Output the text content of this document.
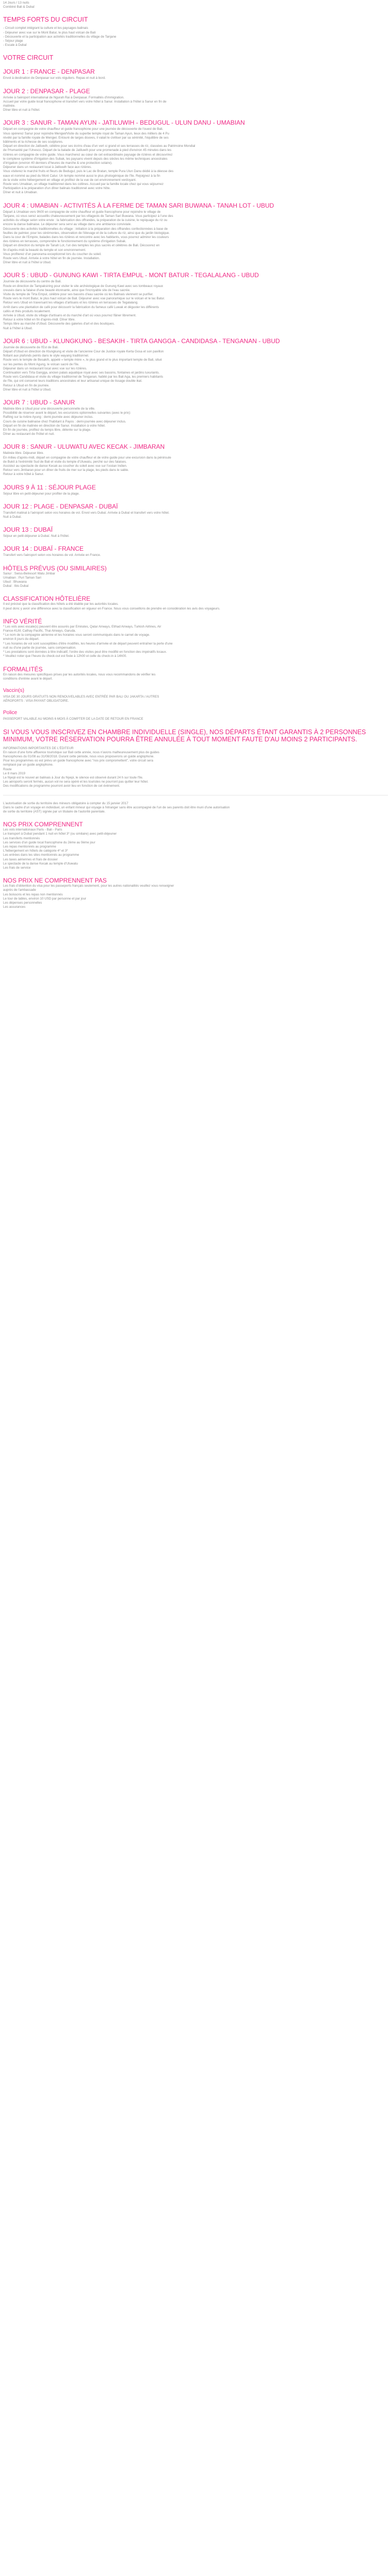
14 Jours / 13 nuits

Combiné Bali & Dubaï

TEMPS FORTS DU CIRCUIT

- Circuit complet intégrant la culture et les paysages balinais

- Déjeuner avec vue sur le Mont Batur, le plus haut volcan de Bali

- Découverte et la participation aux activités traditionnelles du village de Tanjane

- Séjour plage

- Escale à Dubaï

VOTRE CIRCUIT
JOUR 1 : FRANCE - DENPASAR

Envol à destination de Denpasar sur vols réguliers. Repas et nuit à bord.

JOUR 2 : DENPASAR - PLAGE

Arrivée à l'aéroport international de Ngurah Rai à Denpasar. Formalités d'immigration.

Accueil par votre guide local francophone et transfert vers votre hôtel à Sanur. Installation à l'hôtel à Sanur en fin de

matinée.

Dîner libre et nuit à l'hôtel.

JOUR 3 : SANUR - TAMAN AYUN - JATILUWIH - BEDUGUL - ULUN DANU - UMABIAN

Départ en compagnie de votre chauffeur et guide francophone pour une journée de découverte de l'ouest de Bali.

Vous opérerez Sanur pour rejoindre Mengwi/Visite du superbe temple royal de Taman Ayun, lieux des milliers de 4 Pu

révélé par la famille royale de Mengwi. Entouré de larges douves, il valait le civiliser par sa sérénité, l'équilibre de ses

bâtiments et la richesse de ses sculptures.

Départ en direction de Jatiluwih, célèbre pour ses écrins d'eau d'un vert si grand et ses terrasses de riz, classées au Patrimoine Mondial

de l'Humanité par l'Unesco. Départ de la balade de Jatiluwih pour une promenade à pied d'environ 45 minutes dans les

rizières en compagnie de votre guide. Vous marcherez au cœur de cet extraordinaire paysage de rizières et découvrirez

le complexe système d'irrigation des Subak, les paysans vivent depuis des siècles les même techniques ancestrales

d'irrigation (environ 40 derniers d'heures de marche & une protection solaire).

Déjeuner dans un restaurant local à Jatiluwih face aux rizières.

Vous visiterez le marché fruits et fleurs de Bedugul, puis le Lac de Bratan, temple Pura Ulun Danu dédié à la déesse des

eaux et nommé au pied du Mont Catur. Un temple nommé aussi le plus photogénique de l'île. Rejoignez à la fin

de la visite votre hébergement en village et profitez de la vue de cet environnement verdoyant.

Route vers Umabian, un village traditionnel dans les collines. Accueil par la famille locale chez qui vous séjournez

Participation à la préparation d'un dîner balinais traditionnel avec votre hôte.

Dîner et nuit à Umabian.

JOUR 4 : UMABIAN - ACTIVITÉS À LA FERME DE TAMAN SARI BUWANA - TANAH LOT - UBUD

Départ à Umabian vers 9h00 en compagnie de votre chauffeur et guide francophone pour rejoindre le village de

Tanjane, où vous serez accueillis chaleureusement par les villageois de Taman Sari Buwana. Vous participez à l'une des

activités du village selon votre envie : la fabrication des offrandes, la préparation de la cuisine, le repiquage du riz ou

encore la danse balinaise. Le déjeuner sera servi au village dans une ambiance conviviale.

Découverte des activités traditionnelles du village : initiation à la préparation des offrandes confectionnées à base de

feuilles de palmier, pour les cérémonies, observation de l'élevage et de la culture du riz, ainsi que du jardin biologique.

Dans la cour de l'Empire, balades dans les rizières et rencontre avec les habitants, vous pourrez admirer les couleurs

des rizières en terrasses, comprendre le fonctionnement du système d'irrigation Subak.

Départ en direction du temple de Tanah Lot, l'un des temples les plus sacrés et célèbres de Bali. Découvrez en

fin d'après-midi la beauté du temple et son environnement.

Vous profiterez d'un panorama exceptionnel lors du coucher du soleil.

Route vers Ubud. Arrivée à votre hôtel en fin de journée. Installation.

Dîner libre et nuit à l'hôtel à Ubud.

JOUR 5 : UBUD - GUNUNG KAWI - TIRTA EMPUL - MONT BATUR - TEGALALANG - UBUD

Journée de découverte du centre de Bali.

Route en direction de Tampaksiring pour visiter le site archéologique de Gunung Kawi avec ses tombeaux royaux

creusés dans la falaise d'une beauté étonnante, ainsi que l'incroyable site de l'eau sacrée.

Visite du temple de Tirta Empul, célèbre pour ses bassins d'eau sacrée où les Balinais viennent se purifier.

Route vers le mont Batur, le plus haut volcan de Bali. Déjeuner avec vue panoramique sur le volcan et le lac Batur.

Retour vers Ubud en traversant les villages d'artisans et les rizières en terrasses de Tegalalang.

Arrêt dans une plantation de café pour découvrir la fabrication du fameux café Luwak et déguster les différents

cafés et thés produits localement.

Arrivée à Ubud, visite du village d'artisans et du marché d'art où vous pourrez flâner librement.

Retour à votre hôtel en fin d'après-midi. Dîner libre.

Temps libre au marché d'Ubud. Découverte des galeries d'art et des boutiques.

Nuit à l'hôtel à Ubud.

JOUR 6 : UBUD - KLUNGKUNG - BESAKIH - TIRTA GANGGA - CANDIDASA - TENGANAN - UBUD

Journée de découverte de l'Est de Bali.

Départ d'Ubud en direction de Klungkung et visite de l'ancienne Cour de Justice royale Kerta Gosa et son pavillon

flottant aux plafonds peints dans le style wayang traditionnel.

Route vers le temple de Besakih, appelé « temple mère », le plus grand et le plus important temple de Bali, situé

sur les pentes du Mont Agung, le volcan sacré de l'île.

Déjeuner dans un restaurant local avec vue sur les rizières.

Continuation vers Tirta Gangga, ancien palais aquatique royal avec ses bassins, fontaines et jardins luxuriants.

Route vers Candidasa et visite du village traditionnel de Tenganan, habité par les Bali Aga, les premiers habitants

de l'île, qui ont conservé leurs traditions ancestrales et leur artisanat unique de tissage double ikat.

Retour à Ubud en fin de journée.

Dîner libre et nuit à l'hôtel à Ubud.

JOUR 7 : UBUD - SANUR

Matinée libre à Ubud pour une découverte personnelle de la ville.

Possibilité de réserver avant le départ, les excursions optionnelles suivantes (avec le prix):

Rafting sur la rivière Ayung : demi-journée avec déjeuner inclus.

Cours de cuisine balinaise chez l'habitant à Payos : demi-journée avec déjeuner inclus.

Départ en fin de matinée en direction de Sanur. Installation à votre hôtel.

En fin de journée, profitez du temps libre, détente sur la plage.

Dîner au restaurant de l'hôtel et nuit.

JOUR 8 : SANUR - ULUWATU AVEC KECAK - JIMBARAN

Matinée libre. Déjeuner libre.

En milieu d'après-midi, départ en compagnie de votre chauffeur et de votre guide pour une excursion dans la péninsule

de Bukit à l'extrémité Sud de Bali et visite du temple d'Uluwatu, perché sur des falaises.

Assistez au spectacle de danse Kecak au coucher du soleil avec vue sur l'océan Indien.

Retour vers Jimbaran pour un dîner de fruits de mer sur la plage, les pieds dans le sable.

Retour à votre hôtel à Sanur.

JOURS 9 À 11 : SÉJOUR PLAGE

Séjour libre en petit-déjeuner pour profiter de la plage.

JOUR 12 : PLAGE - DENPASAR - DUBAÏ

Transfert matinal à l'aéroport selon vos horaires de vol. Envol vers Dubaï. Arrivée à Dubaï et transfert vers votre hôtel.

Nuit à Dubaï.

JOUR 13 : DUBAÏ

Séjour en petit-déjeuner à Dubaï. Nuit à l'hôtel.

JOUR 14 : DUBAÏ - FRANCE

Transfert vers l'aéroport selon vos horaires de vol. Arrivée en France.

HÔTELS PRÉVUS (OU SIMILAIRES)

Sanur : Swiss-Belresort Watu Jimbar

Umabian : Puri Taman Sari

Ubud : Bhuwana

Dubaï : Ibis Dubaï

CLASSIFICATION HÔTELIÈRE

Il est précisé que la classification des hôtels a été établie par les autorités locales.

Il peut donc y avoir une différence avec la classification en vigueur en France. Nous vous conseillons de prendre en considération les avis des voyageurs.

INFO VÉRITÉ

* Les vols avec escale(s) peuvent être assurés par Emirates, Qatar Airways, Etihad Airways, Turkish Airlines, Air

France-KLM, Cathay Pacific, Thai Airways, Garuda.

* Le nom de la compagnie aérienne et les horaires vous seront communiqués dans le carnet de voyage.

environ 8 jours du départ.

* Les horaires de vol sont susceptibles d'être modifiés, les heures d'arrivée et de départ peuvent entraîner la perte d'une

nuit ou d'une partie de journée, sans compensation.

* Les prestations sont données à titre indicatif, l'ordre des visites peut être modifié en fonction des impératifs locaux.

* Veuillez noter que l'heure du check-out est fixée à 12h00 et celle du check-in à 14h00.

FORMALITÉS

En raison des mesures spécifiques prises par les autorités locales, nous vous recommandons de vérifier les

conditions d'entrée avant le départ.

Vaccin(s)

VISA DE 30 JOURS GRATUITS NON RENOUVELABLES AVEC ENTRÉE PAR BALI OU JAKARTA / AUTRES

AÉROPORTS : VISA PAYANT OBLIGATOIRE.

Police

PASSEPORT VALABLE AU MOINS 6 MOIS À COMPTER DE LA DATE DE RETOUR EN FRANCE

SI VOUS VOUS INSCRIVEZ EN CHAMBRE INDIVIDUELLE (SINGLE), NOS DÉPARTS ÉTANT GARANTIS À 2 PERSONNES MINIMUM, VOTRE RÉSERVATION POURRA ÊTRE ANNULÉE À TOUT MOMENT FAUTE D'AU MOINS 2 PARTICIPANTS.

INFORMATIONS IMPORTANTES DE L'ÉDITEUR

En raison d'une forte affluence touristique sur Bali cette année, nous n'avons malheureusement plus de guides

francophones du 01/08 au 31/08/2018. Durant cette période, nous vous proposerons un guide anglophone.

Pour les programmes où est prévu un guide francophone avec "nos prix compromettent", votre circuit sera

remplacé par un guide anglophone.

Route

Le 8 mars 2019

Le Nyepi est le nouvel an balinais à Jour du Nyepi, le silence est observé durant 24 h sur toute l'île.

Les aéroports seront fermés, aucun vol ne sera opéré et les touristes ne pourront pas quitter leur hôtel.

Des modifications de programme pourront avoir lieu en fonction de cet événement.

L'autorisation de sortie du territoire des mineurs obligatoire à compter du 15 janvier 2017

Dans le cadre d'un voyage en individuel, un enfant mineur qui voyage à l'étranger sans être accompagné de l'un de ses parents doit être muni d'une autorisation

de sortie du territoire (AST) signée par un titulaire de l'autorité parentale.

NOS PRIX COMPRENNENT

Les vols internationaux Paris - Bali - Paris

Le transport à Dubaï pendant 1 nuit en hôtel 3* (ou similaire) avec petit-déjeuner

Les transferts mentionnés

Les services d'un guide local francophone du 2ème au 9ème jour

Les repas mentionnés au programme

L'hébergement en hôtels de catégorie 4* et 3*

Les entrées dans les sites mentionnés au programme

Les taxes aériennes et frais de dossier

Le spectacle de la danse Kecak au temple d'Uluwatu

Les frais de service

NOS PRIX NE COMPRENNENT PAS

Les frais d'obtention du visa pour les passeports français seulement, pour les autres nationalités veuillez vous renseigner

auprès de l'ambassade

Les boissons et les repas non mentionnés

Le tour de tables, environ 10 USD par personne et par jour

Les dépenses personnelles

Les assurances
